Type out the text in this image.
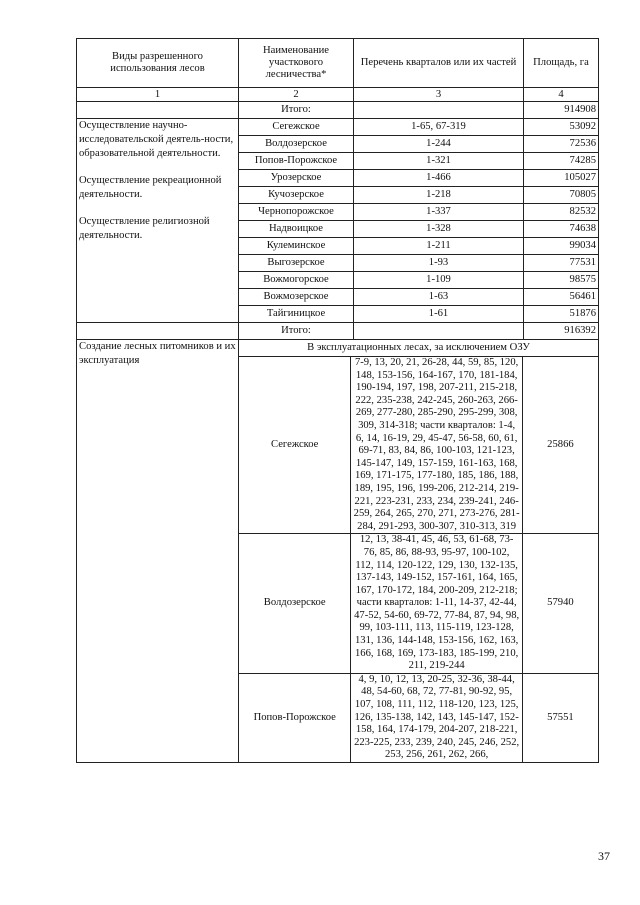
Виды разрешенного использования лесов	Наименование участкового лесничества*	Перечень кварталов или их частей	Площадь, га
1	2	3	4
	Итого:		914908

Осуществление научно-исследовательской деятель-ности, образовательной деятельности.

Осуществление рекреационной деятельности.

Осуществление религиозной деятельности.

	Сегежское	1-65, 67-319	53092
Волдозерское	1-244	72536
Попов-Порожское	1-321	74285
Урозерское	1-466	105027
Кучозерское	1-218	70805
Чернопорожское	1-337	82532
Надвоицкое	1-328	74638
Кулеминское	1-211	99034
Выгозерское	1-93	77531
Вожмогорское	1-109	98575
Вожмозерское	1-63	56461
Тайгиницкое	1-61	51876
	Итого:		916392
Создание лесных питомников и их эксплуатация	В эксплуатационных лесах, за исключением ОЗУ

Сегежское	7-9, 13, 20, 21, 26-28, 44, 59, 85, 120, 148, 153-156, 164-167, 170, 181-184, 190-194, 197, 198, 207-211, 215-218, 222, 235-238, 242-245, 260-263, 266-269, 277-280, 285-290, 295-299, 308, 309, 314-318; части кварталов: 1-4, 6, 14, 16-19, 29, 45-47, 56-58, 60, 61, 69-71, 83, 84, 86, 100-103, 121-123, 145-147, 149, 157-159, 161-163, 168, 169, 171-175, 177-180, 185, 186, 188, 189, 195, 196, 199-206, 212-214, 219-221, 223-231, 233, 234, 239-241, 246-259, 264, 265, 270, 271, 273-276, 281-284, 291-293, 300-307, 310-313, 319	25866
Волдозерское	12, 13, 38-41, 45, 46, 53, 61-68, 73-76, 85, 86, 88-93, 95-97, 100-102, 112, 114, 120-122, 129, 130, 132-135, 137-143, 149-152, 157-161, 164, 165, 167, 170-172, 184, 200-209, 212-218; части кварталов: 1-11, 14-37, 42-44, 47-52, 54-60, 69-72, 77-84, 87, 94, 98, 99, 103-111, 113, 115-119, 123-128, 131, 136, 144-148, 153-156, 162, 163, 166, 168, 169, 173-183, 185-199, 210, 211, 219-244	57940
Попов-Порожское	4, 9, 10, 12, 13, 20-25, 32-36, 38-44, 48, 54-60, 68, 72, 77-81, 90-92, 95, 107, 108, 111, 112, 118-120, 123, 125, 126, 135-138, 142, 143, 145-147, 152-158, 164, 174-179, 204-207, 218-221, 223-225, 233, 239, 240, 245, 246, 252, 253, 256, 261, 262, 266,	57551
37
